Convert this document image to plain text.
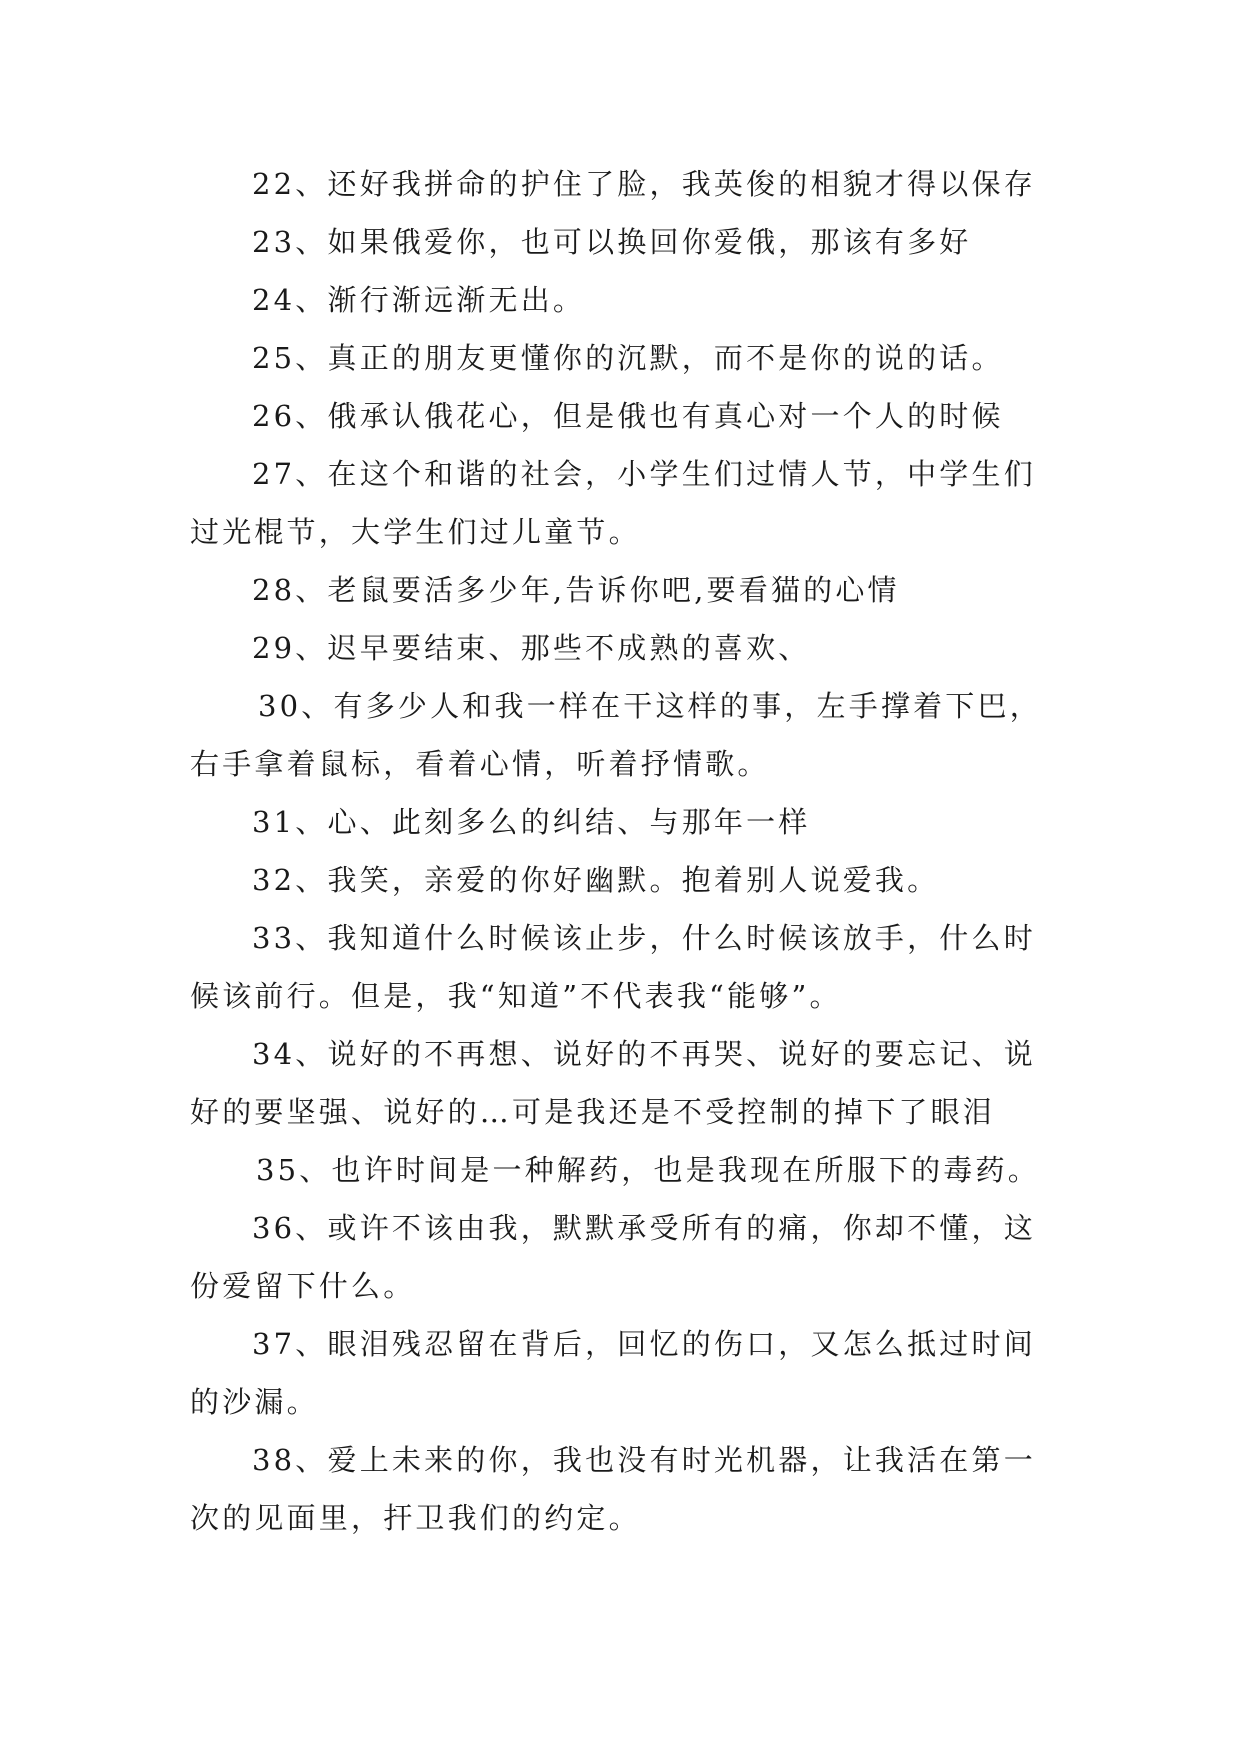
22、还好我拼命的护住了脸，我英俊的相貌才得以保存

23、如果俄爱你，也可以换回你爱俄，那该有多好

24、渐行渐远渐无出。

25、真正的朋友更懂你的沉默，而不是你的说的话。

26、俄承认俄花心，但是俄也有真心对一个人的时候

27、在这个和谐的社会，小学生们过情人节，中学生们过光棍节，大学生们过儿童节。

28、老鼠要活多少年,告诉你吧,要看猫的心情

29、迟早要结束、那些不成熟的喜欢、

30、有多少人和我一样在干这样的事，左手撑着下巴，右手拿着鼠标，看着心情，听着抒情歌。

31、心、此刻多么的纠结、与那年一样

32、我笑，亲爱的你好幽默。抱着别人说爱我。

33、我知道什么时候该止步，什么时候该放手，什么时候该前行。但是，我“知道”不代表我“能够”。

34、说好的不再想、说好的不再哭、说好的要忘记、说好的要坚强、说好的…可是我还是不受控制的掉下了眼泪

35、也许时间是一种解药，也是我现在所服下的毒药。

36、或许不该由我，默默承受所有的痛，你却不懂，这份爱留下什么。

37、眼泪残忍留在背后，回忆的伤口，又怎么抵过时间的沙漏。

38、爱上未来的你，我也没有时光机器，让我活在第一次的见面里，扞卫我们的约定。
